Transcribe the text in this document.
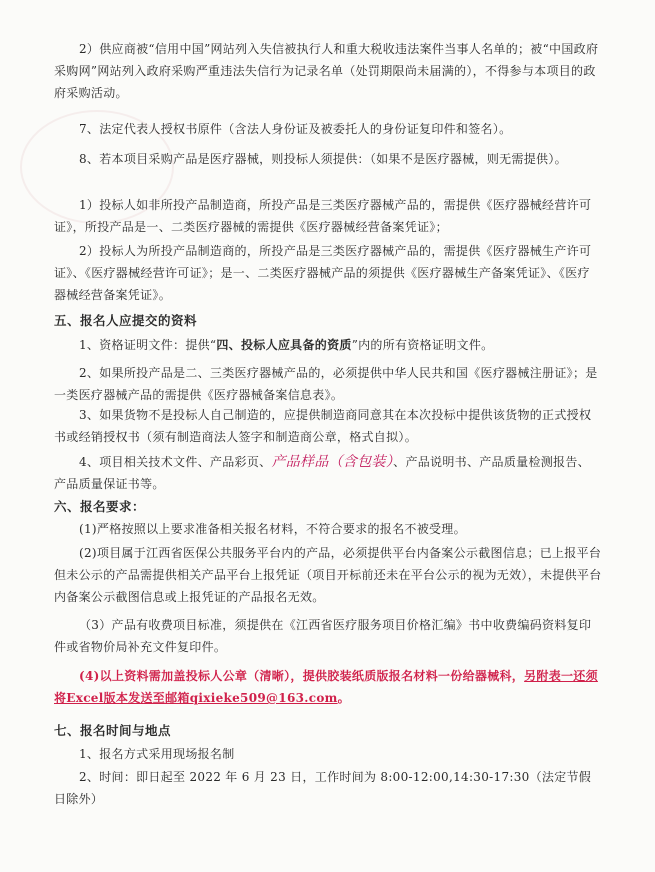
2）供应商被“信用中国”网站列入失信被执行人和重大税收违法案件当事人名单的；被“中国政府采购网”网站列入政府采购严重违法失信行为记录名单（处罚期限尚未届满的），不得参与本项目的政府采购活动。
7、法定代表人授权书原件（含法人身份证及被委托人的身份证复印件和签名）。
8、若本项目采购产品是医疗器械，则投标人须提供：（如果不是医疗器械，则无需提供）。
1）投标人如非所投产品制造商，所投产品是三类医疗器械产品的，需提供《医疗器械经营许可证》，所投产品是一、二类医疗器械的需提供《医疗器械经营备案凭证》；
2）投标人为所投产品制造商的，所投产品是三类医疗器械产品的，需提供《医疗器械生产许可证》、《医疗器械经营许可证》；是一、二类医疗器械产品的须提供《医疗器械生产备案凭证》、《医疗器械经营备案凭证》。
五、报名人应提交的资料
1、资格证明文件：提供“四、投标人应具备的资质”内的所有资格证明文件。
2、如果所投产品是二、三类医疗器械产品的，必须提供中华人民共和国《医疗器械注册证》；是一类医疗器械产品的需提供《医疗器械备案信息表》。
3、如果货物不是投标人自己制造的，应提供制造商同意其在本次投标中提供该货物的正式授权书或经销授权书（须有制造商法人签字和制造商公章，格式自拟）。
4、项目相关技术文件、产品彩页、产品样品（含包装）、产品说明书、产品质量检测报告、产品质量保证书等。
六、报名要求：
(1)严格按照以上要求准备相关报名材料，不符合要求的报名不被受理。
(2)项目属于江西省医保公共服务平台内的产品，必须提供平台内备案公示截图信息；已上报平台但未公示的产品需提供相关产品平台上报凭证（项目开标前还未在平台公示的视为无效），未提供平台内备案公示截图信息或上报凭证的产品报名无效。
（3）产品有收费项目标准，须提供在《江西省医疗服务项目价格汇编》书中收费编码资料复印件或省物价局补充文件复印件。
(4)以上资料需加盖投标人公章（清晰），提供胶装纸质版报名材料一份给器械科，另附表一还须将Excel版本发送至邮箱qixieke509@163.com。
七、报名时间与地点
1、报名方式采用现场报名制
2、时间：即日起至 2022 年 6 月 23 日，工作时间为 8:00-12:00,14:30-17:30（法定节假日除外）
